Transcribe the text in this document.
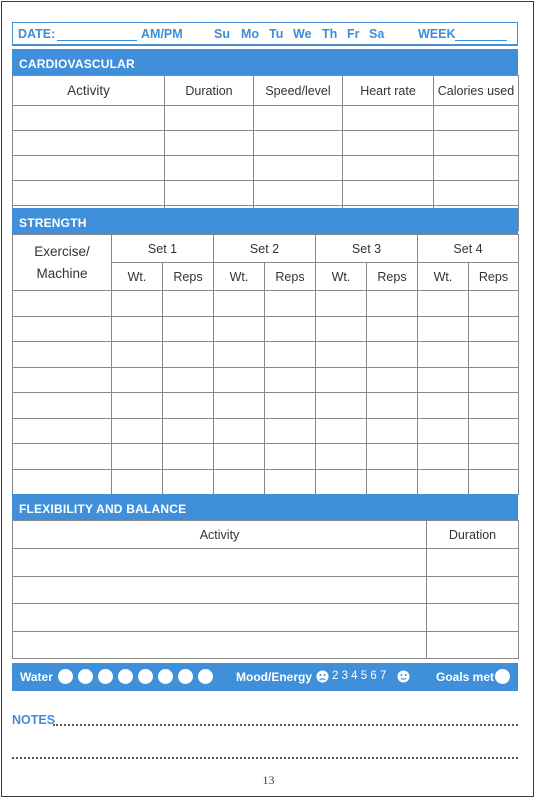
DATE:	AM/PM	Su Mo Tu We Th Fr Sa	WEEK
CARDIOVASCULAR
Activity	Duration	Speed/level	Heart rate	Calories used

STRENGTH
Exercise/ Machine	Set 1		Set 2		Set 3		Set 4	
	Wt.	Reps	Wt.	Reps	Wt.	Reps	Wt.	Reps

FLEXIBILITY AND BALANCE
Activity	Duration

Water	Mood/Energy 2 3 4 5 6 7	Goals met
NOTES
13
